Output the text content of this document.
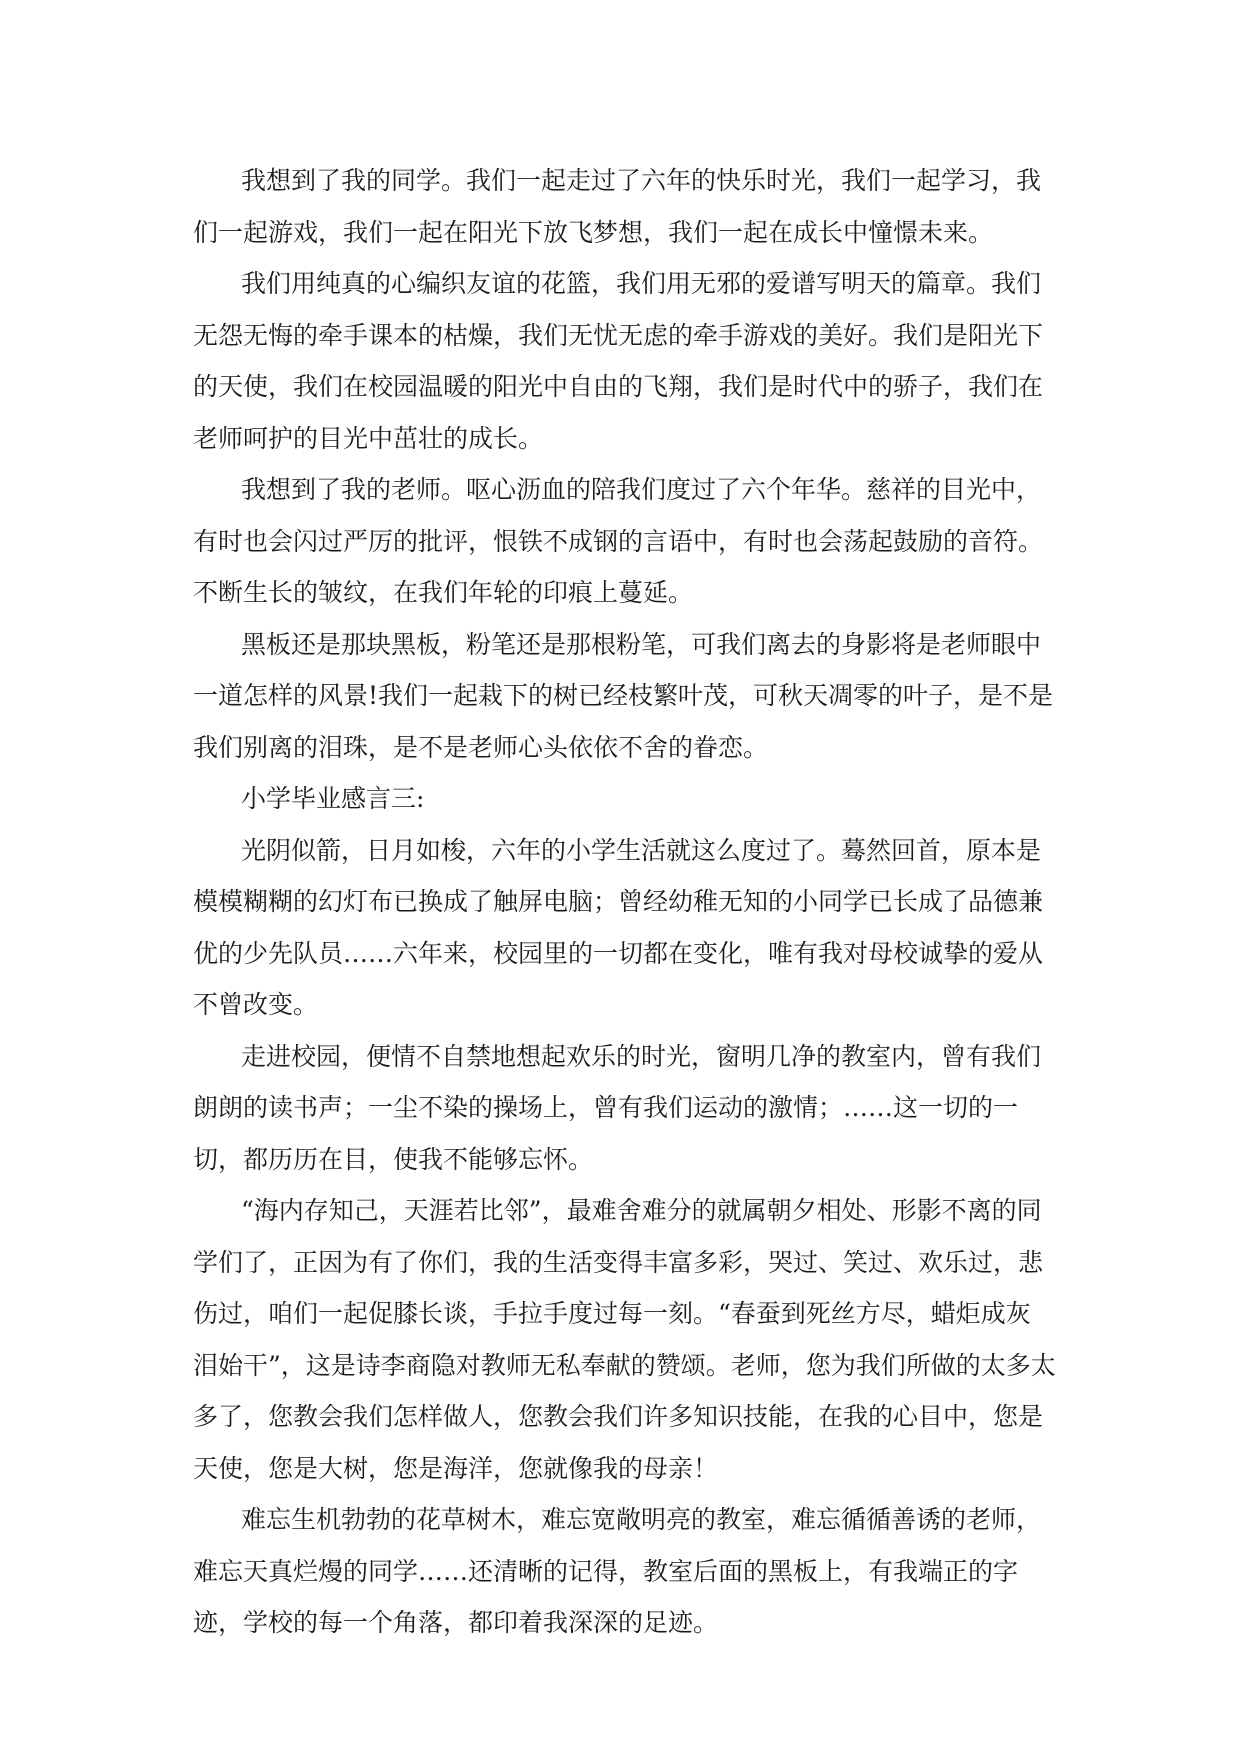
我想到了我的同学。我们一起走过了六年的快乐时光，我们一起学习，我
们一起游戏，我们一起在阳光下放飞梦想，我们一起在成长中憧憬未来。
我们用纯真的心编织友谊的花篮，我们用无邪的爱谱写明天的篇章。我们
无怨无悔的牵手课本的枯燥，我们无忧无虑的牵手游戏的美好。我们是阳光下
的天使，我们在校园温暖的阳光中自由的飞翔，我们是时代中的骄子，我们在
老师呵护的目光中茁壮的成长。
我想到了我的老师。呕心沥血的陪我们度过了六个年华。慈祥的目光中，
有时也会闪过严厉的批评，恨铁不成钢的言语中，有时也会荡起鼓励的音符。
不断生长的皱纹，在我们年轮的印痕上蔓延。
黑板还是那块黑板，粉笔还是那根粉笔，可我们离去的身影将是老师眼中
一道怎样的风景!我们一起栽下的树已经枝繁叶茂，可秋天凋零的叶子，是不是
我们别离的泪珠，是不是老师心头依依不舍的眷恋。
小学毕业感言三:
光阴似箭，日月如梭，六年的小学生活就这么度过了。蓦然回首，原本是
模模糊糊的幻灯布已换成了触屏电脑；曾经幼稚无知的小同学已长成了品德兼
优的少先队员……六年来，校园里的一切都在变化，唯有我对母校诚挚的爱从
不曾改变。
走进校园，便情不自禁地想起欢乐的时光，窗明几净的教室内，曾有我们
朗朗的读书声；一尘不染的操场上，曾有我们运动的激情；……这一切的一
切，都历历在目，使我不能够忘怀。
“海内存知己，天涯若比邻”，最难舍难分的就属朝夕相处、形影不离的同
学们了，正因为有了你们，我的生活变得丰富多彩，哭过、笑过、欢乐过，悲
伤过，咱们一起促膝长谈，手拉手度过每一刻。“春蚕到死丝方尽，蜡炬成灰
泪始干”，这是诗李商隐对教师无私奉献的赞颂。老师，您为我们所做的太多太
多了，您教会我们怎样做人，您教会我们许多知识技能，在我的心目中，您是
天使，您是大树，您是海洋，您就像我的母亲！
难忘生机勃勃的花草树木，难忘宽敞明亮的教室，难忘循循善诱的老师，
难忘天真烂熳的同学……还清晰的记得，教室后面的黑板上，有我端正的字
迹，学校的每一个角落，都印着我深深的足迹。
